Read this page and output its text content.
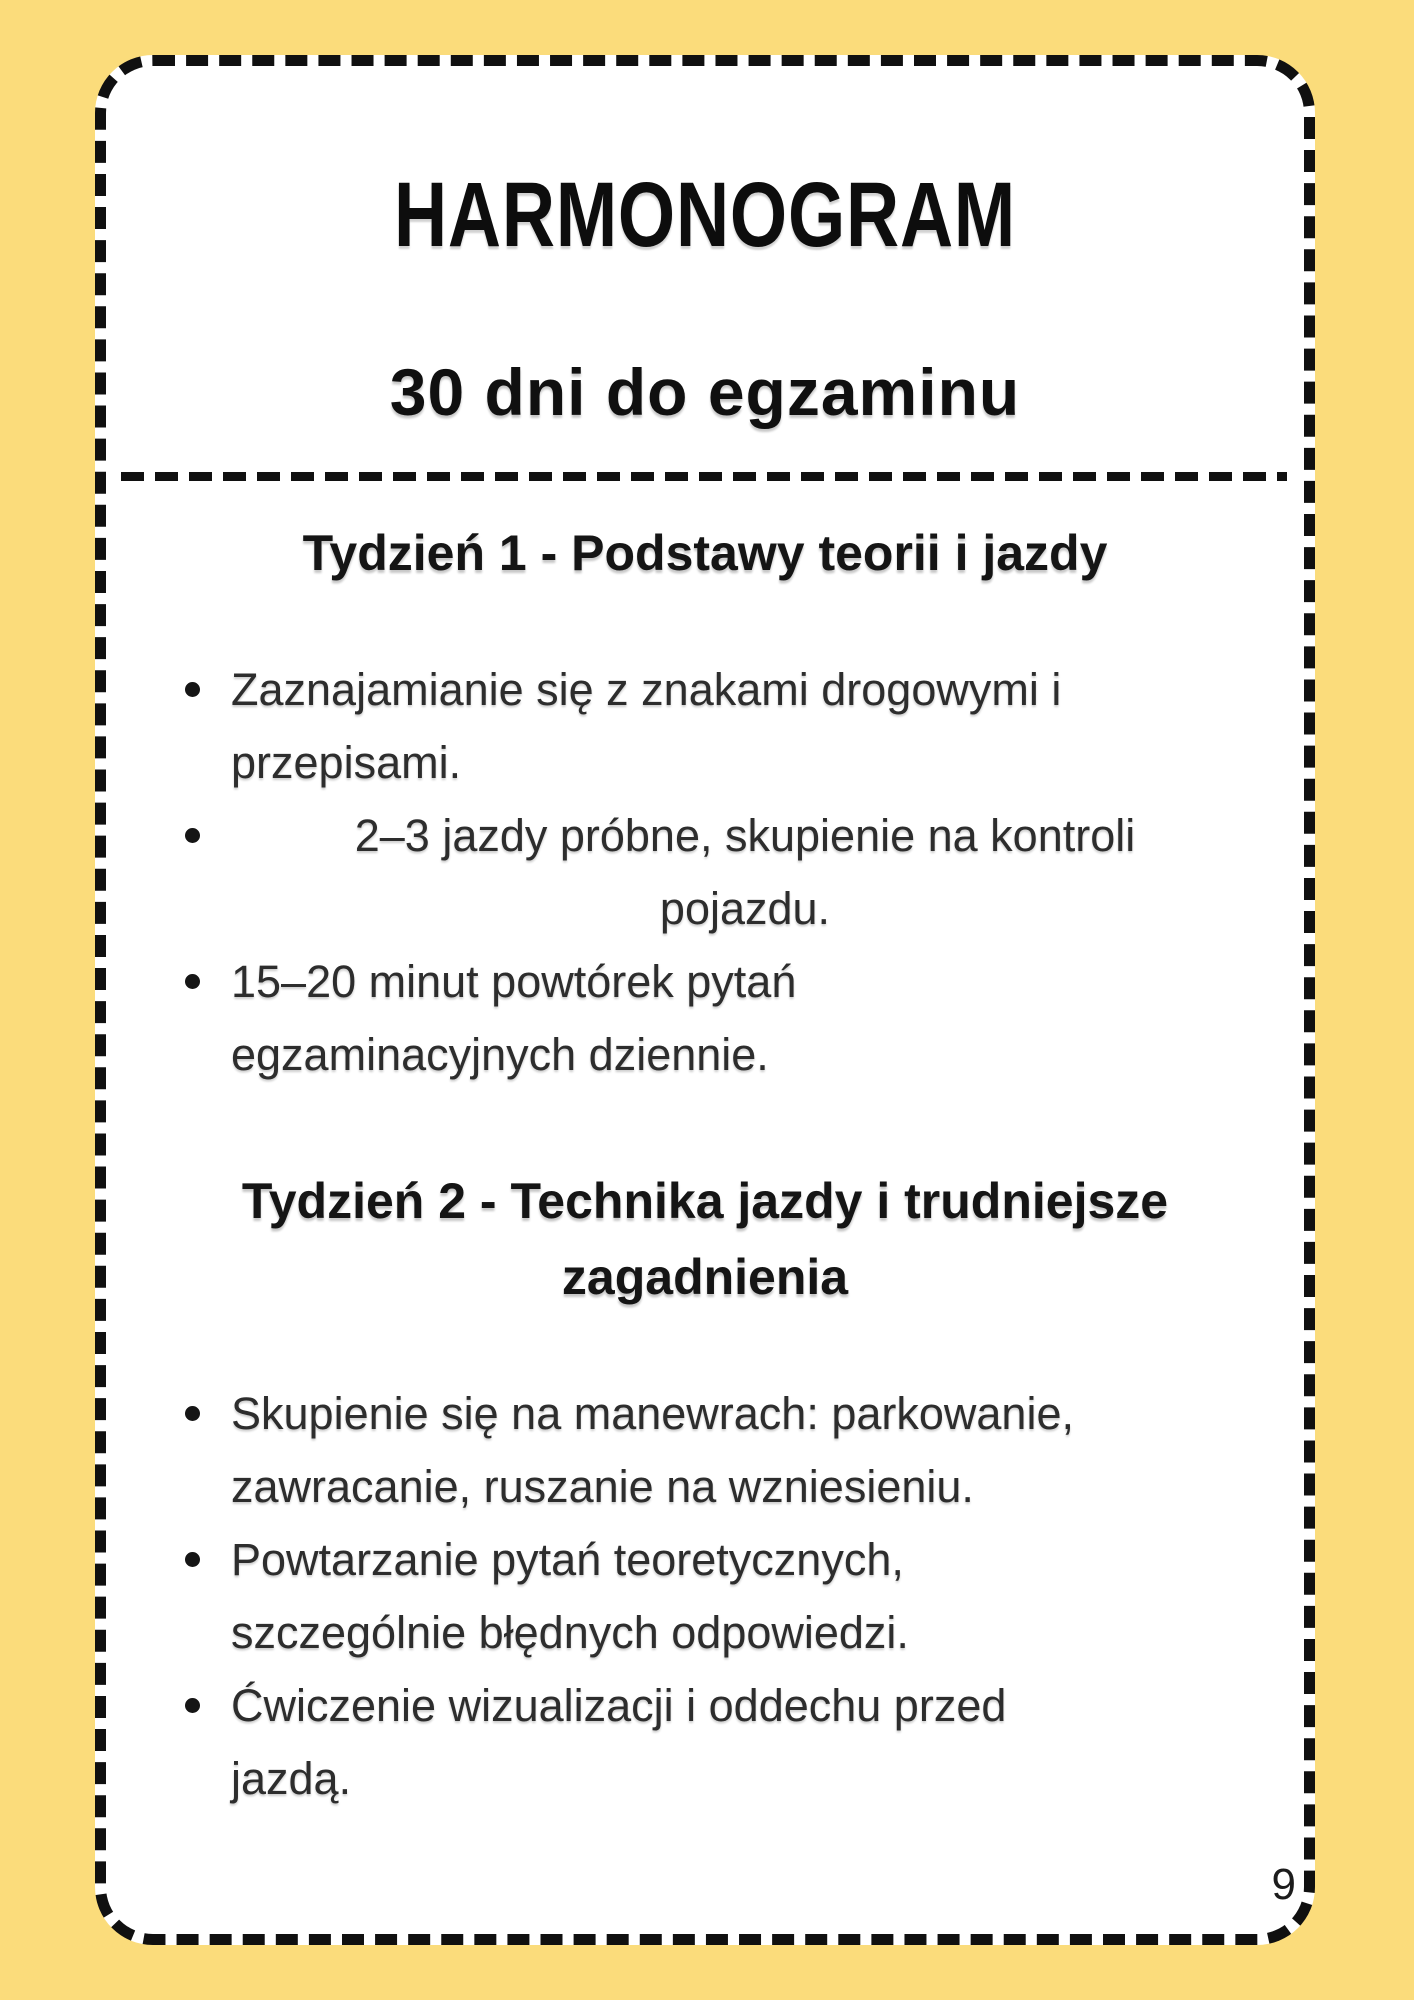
HARMONOGRAM
30 dni do egzaminu
Tydzień 1 - Podstawy teorii i jazdy
Zaznajamianie się z znakami drogowymi i
przepisami.
2–3 jazdy próbne, skupienie na kontroli
pojazdu.
15–20 minut powtórek pytań
egzaminacyjnych dziennie.
Tydzień 2 - Technika jazdy i trudniejsze zagadnienia
Skupienie się na manewrach: parkowanie,
zawracanie, ruszanie na wzniesieniu.
Powtarzanie pytań teoretycznych,
szczególnie błędnych odpowiedzi.
Ćwiczenie wizualizacji i oddechu przed
jazdą.
9
